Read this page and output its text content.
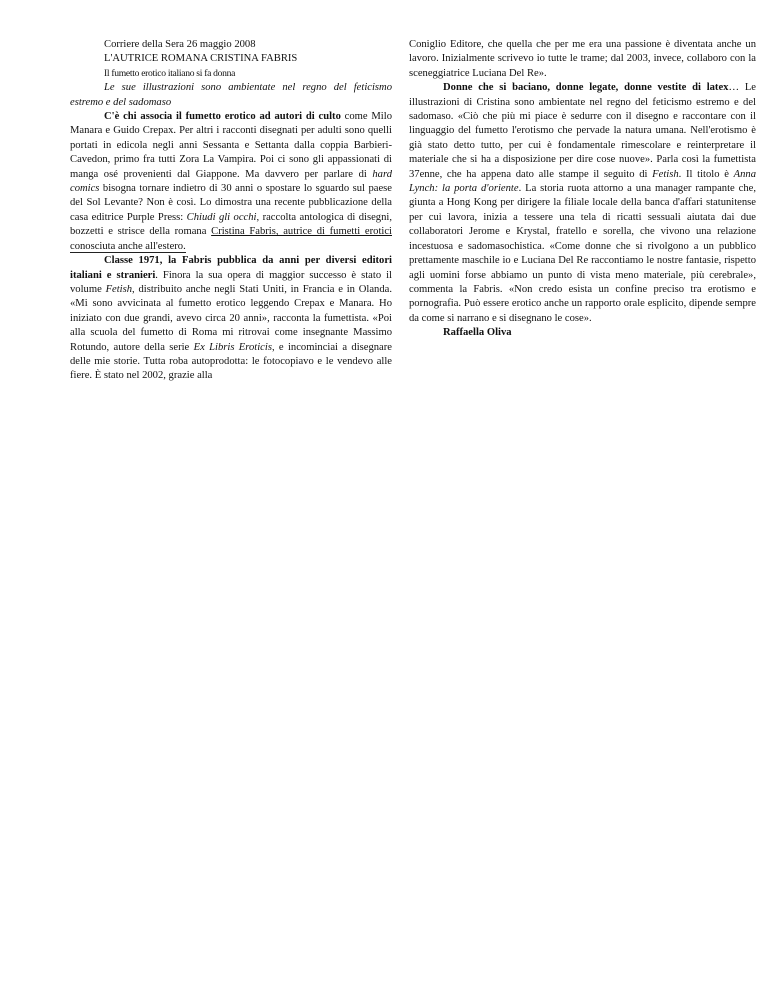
Corriere della Sera 26 maggio 2008

L'AUTRICE ROMANA CRISTINA FABRIS

Il fumetto erotico italiano si fa donna

Le sue illustrazioni sono ambientate nel regno del feticismo estremo e del sadomaso

C'è chi associa il fumetto erotico ad autori di culto come Milo Manara e Guido Crepax. Per altri i racconti disegnati per adulti sono quelli portati in edicola negli anni Sessanta e Settanta dalla coppia Barbieri-Cavedon, primo fra tutti Zora La Vampira. Poi ci sono gli appassionati di manga osé provenienti dal Giappone. Ma davvero per parlare di hard comics bisogna tornare indietro di 30 anni o spostare lo sguardo sul paese del Sol Levante? Non è così. Lo dimostra una recente pubblicazione della casa editrice Purple Press: Chiudi gli occhi, raccolta antologica di disegni, bozzetti e strisce della romana Cristina Fabris, autrice di fumetti erotici conosciuta anche all'estero.

Classe 1971, la Fabris pubblica da anni per diversi editori italiani e stranieri. Finora la sua opera di maggior successo è stato il volume Fetish, distribuito anche negli Stati Uniti, in Francia e in Olanda. «Mi sono avvicinata al fumetto erotico leggendo Crepax e Manara. Ho iniziato con due grandi, avevo circa 20 anni», racconta la fumettista. «Poi alla scuola del fumetto di Roma mi ritrovai come insegnante Massimo Rotundo, autore della serie Ex Libris Eroticis, e incominciai a disegnare delle mie storie. Tutta roba autoprodotta: le fotocopiavo e le vendevo alle fiere. È stato nel 2002, grazie alla

Coniglio Editore, che quella che per me era una passione è diventata anche un lavoro. Inizialmente scrivevo io tutte le trame; dal 2003, invece, collaboro con la sceneggiatrice Luciana Del Re».

Donne che si baciano, donne legate, donne vestite di latex… Le illustrazioni di Cristina sono ambientate nel regno del feticismo estremo e del sadomaso. «Ciò che più mi piace è sedurre con il disegno e raccontare con il linguaggio del fumetto l'erotismo che pervade la natura umana. Nell'erotismo è già stato detto tutto, per cui è fondamentale rimescolare e reinterpretare il materiale che si ha a disposizione per dire cose nuove». Parla così la fumettista 37enne, che ha appena dato alle stampe il seguito di Fetish. Il titolo è Anna Lynch: la porta d'oriente. La storia ruota attorno a una manager rampante che, giunta a Hong Kong per dirigere la filiale locale della banca d'affari statunitense per cui lavora, inizia a tessere una tela di ricatti sessuali aiutata dai due collaboratori Jerome e Krystal, fratello e sorella, che vivono una relazione incestuosa e sadomasochistica. «Come donne che si rivolgono a un pubblico prettamente maschile io e Luciana Del Re raccontiamo le nostre fantasie, rispetto agli uomini forse abbiamo un punto di vista meno materiale, più cerebrale», commenta la Fabris. «Non credo esista un confine preciso tra erotismo e pornografia. Può essere erotico anche un rapporto orale esplicito, dipende sempre da come si narrano e si disegnano le cose».

Raffaella Oliva
